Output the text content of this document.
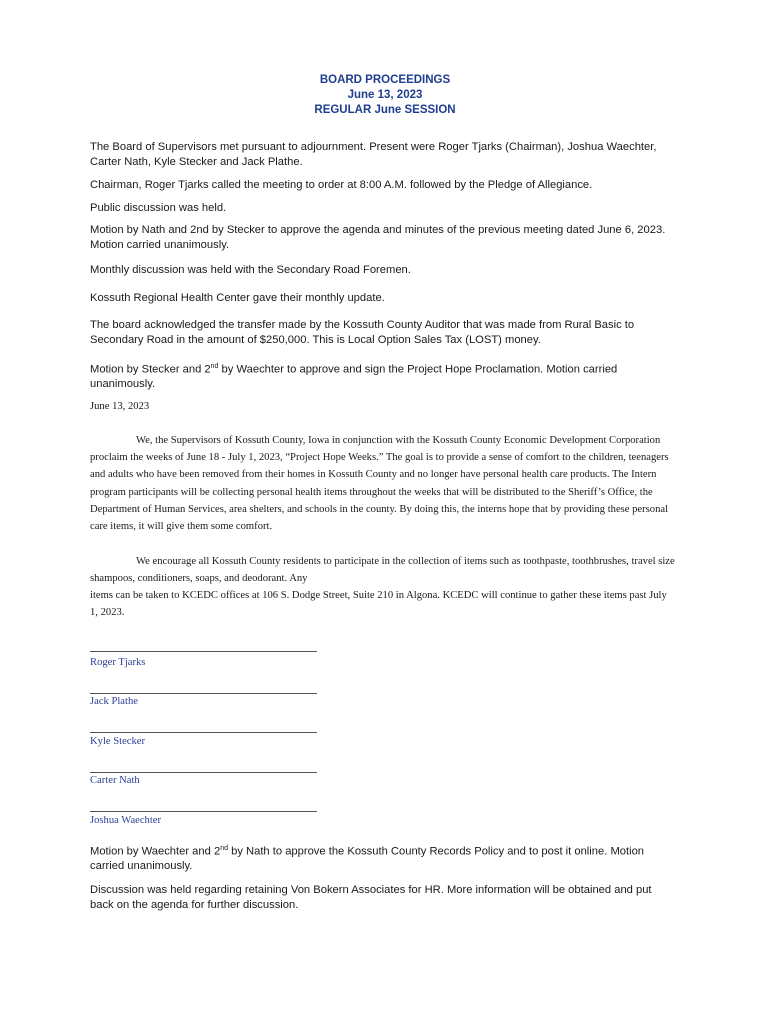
BOARD PROCEEDINGS
June 13, 2023
REGULAR June SESSION
The Board of Supervisors met pursuant to adjournment. Present were Roger Tjarks (Chairman), Joshua Waechter, Carter Nath, Kyle Stecker and Jack Plathe.
Chairman, Roger Tjarks called the meeting to order at 8:00 A.M. followed by the Pledge of Allegiance.
Public discussion was held.
Motion by Nath and 2nd by Stecker to approve the agenda and minutes of the previous meeting dated June 6, 2023. Motion carried unanimously.
Monthly discussion was held with the Secondary Road Foremen.
Kossuth Regional Health Center gave their monthly update.
The board acknowledged the transfer made by the Kossuth County Auditor that was made from Rural Basic to Secondary Road in the amount of $250,000. This is Local Option Sales Tax (LOST) money.
Motion by Stecker and 2nd by Waechter to approve and sign the Project Hope Proclamation. Motion carried unanimously.
June 13, 2023
We, the Supervisors of Kossuth County, Iowa in conjunction with the Kossuth County Economic Development Corporation proclaim the weeks of June 18 - July 1, 2023, “Project Hope Weeks.” The goal is to provide a sense of comfort to the children, teenagers and adults who have been removed from their homes in Kossuth County and no longer have personal health care products. The Intern program participants will be collecting personal health items throughout the weeks that will be distributed to the Sheriff’s Office, the Department of Human Services, area shelters, and schools in the county. By doing this, the interns hope that by providing these personal care items, it will give them some comfort.
We encourage all Kossuth County residents to participate in the collection of items such as toothpaste, toothbrushes, travel size shampoos, conditioners, soaps, and deodorant. Any
items can be taken to KCEDC offices at 106 S. Dodge Street, Suite 210 in Algona. KCEDC will continue to gather these items past July 1, 2023.
Roger Tjarks
Jack Plathe
Kyle Stecker
Carter Nath
Joshua Waechter
Motion by Waechter and 2nd by Nath to approve the Kossuth County Records Policy and to post it online. Motion carried unanimously.
Discussion was held regarding retaining Von Bokern Associates for HR. More information will be obtained and put back on the agenda for further discussion.
